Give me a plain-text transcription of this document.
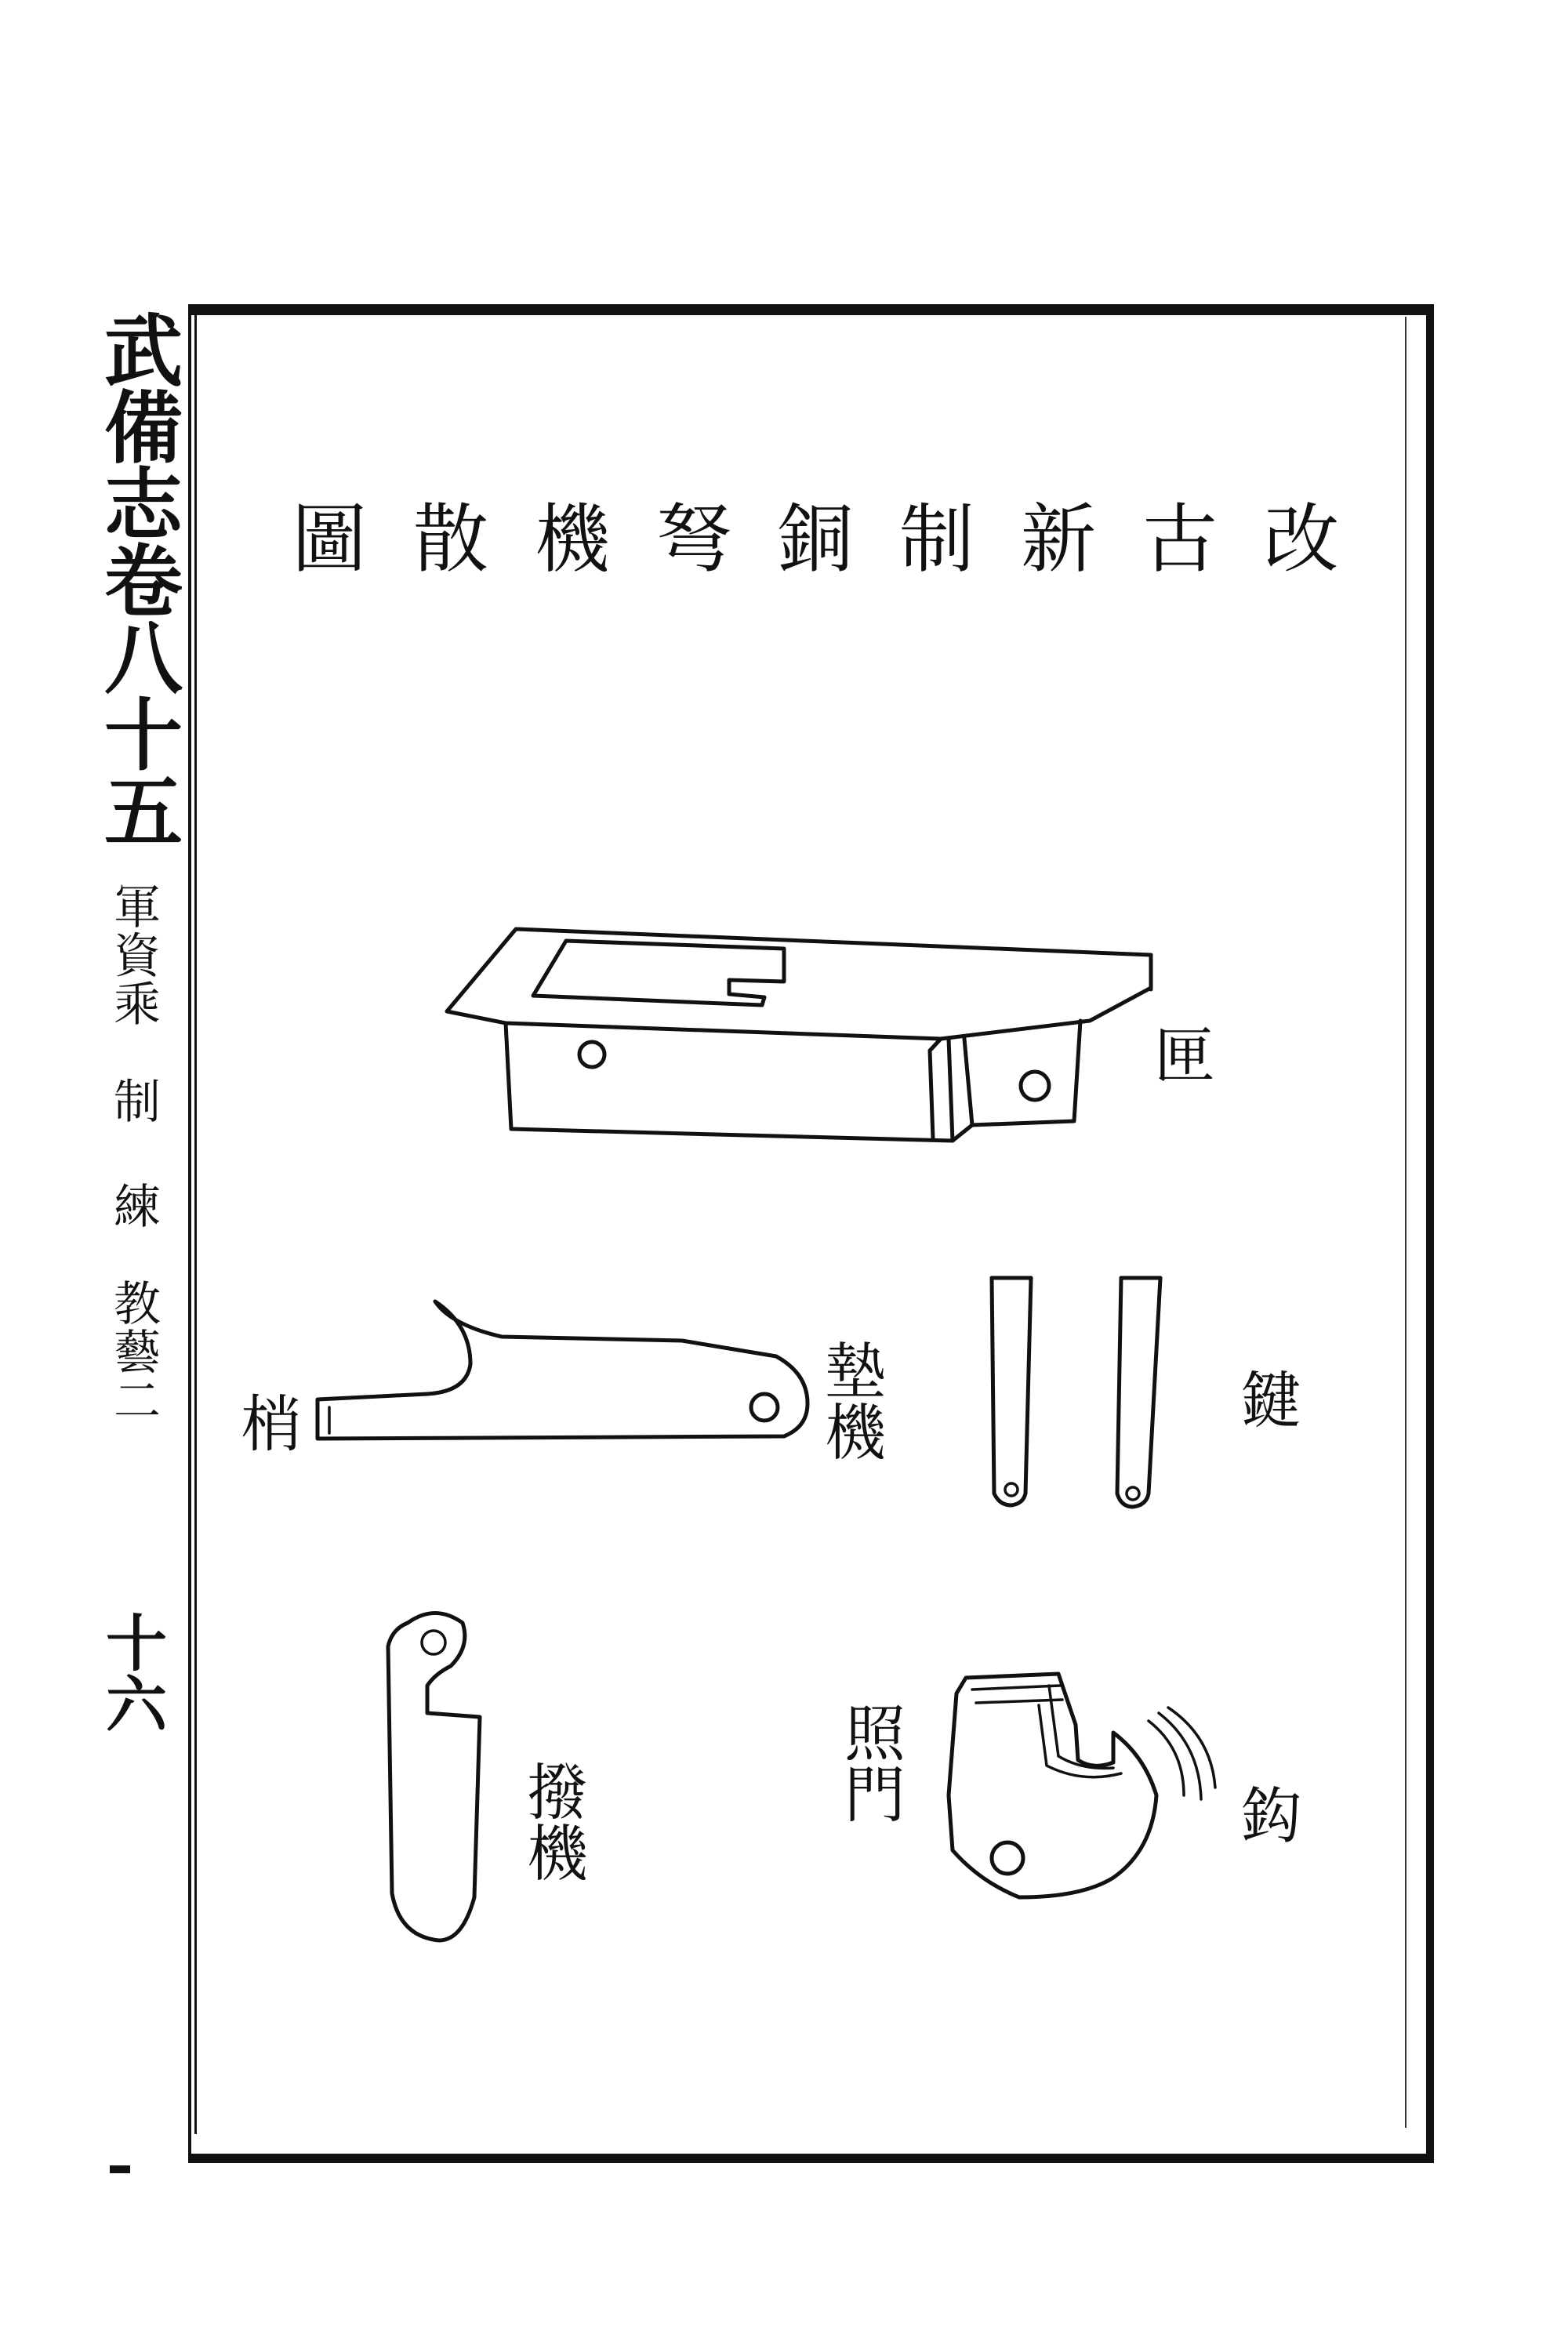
武備志卷八十五
軍資乘　制 練　教藝二
十六
圖 散 機 弩 銅 制 新 古 改
匣
墊機
梢	鍵
撥機	照門	鈎
